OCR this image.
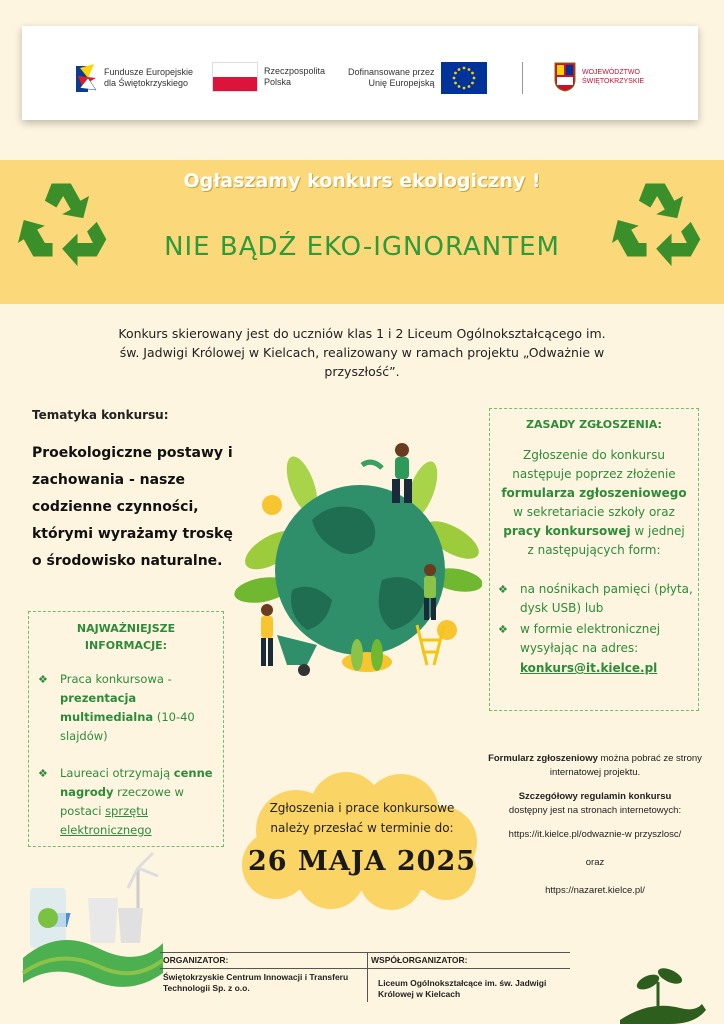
Fundusze Europejskie
dla Świętokrzyskiego
Rzeczpospolita
Polska
Dofinansowane przez
Unię Europejską
WOJEWÓDZTWO
ŚWIĘTOKRZYSKIE
Ogłaszamy konkurs ekologiczny !
NIE BĄDŹ EKO-IGNORANTEM
Konkurs skierowany jest do uczniów klas 1 i 2 Liceum Ogólnokształcącego im. św. Jadwigi Królowej w Kielcach, realizowany w ramach projektu „Odważnie w przyszłość”.
Tematyka konkursu:
Proekologiczne postawy i zachowania - nasze codzienne czynności, którymi wyrażamy troskę o środowisko naturalne.
NAJWAŻNIEJSZE INFORMACJE:
❖ Praca konkursowa - prezentacja multimedialna (10-40 slajdów)
❖ Laureaci otrzymają cenne nagrody rzeczowe w postaci sprzętu elektronicznego
ZASADY ZGŁOSZENIA:
Zgłoszenie do konkursu następuje poprzez złożenie formularza zgłoszeniowego w sekretariacie szkoły oraz pracy konkursowej w jednej z następujących form:
❖ na nośnikach pamięci (płyta, dysk USB) lub
❖ w formie elektronicznej wysyłając na adres:
konkurs@it.kielce.pl
Zgłoszenia i prace konkursowe należy przesłać w terminie do:
26 MAJA 2025

Formularz zgłoszeniowy można pobrać ze strony internatowej projektu.

Szczegółowy regulamin konkursu
dostępny jest na stronach internetowych:

https://it.kielce.pl/odwaznie-w przyszlosc/

oraz

https://nazaret.kielce.pl/

ORGANIZATOR:	WSPÓŁORGANIZATOR:
Świętokrzyskie Centrum Innowacji i Transferu Technologii Sp. z o.o.	Liceum Ogólnokształcące im. św. Jadwigi Królowej w Kielcach
